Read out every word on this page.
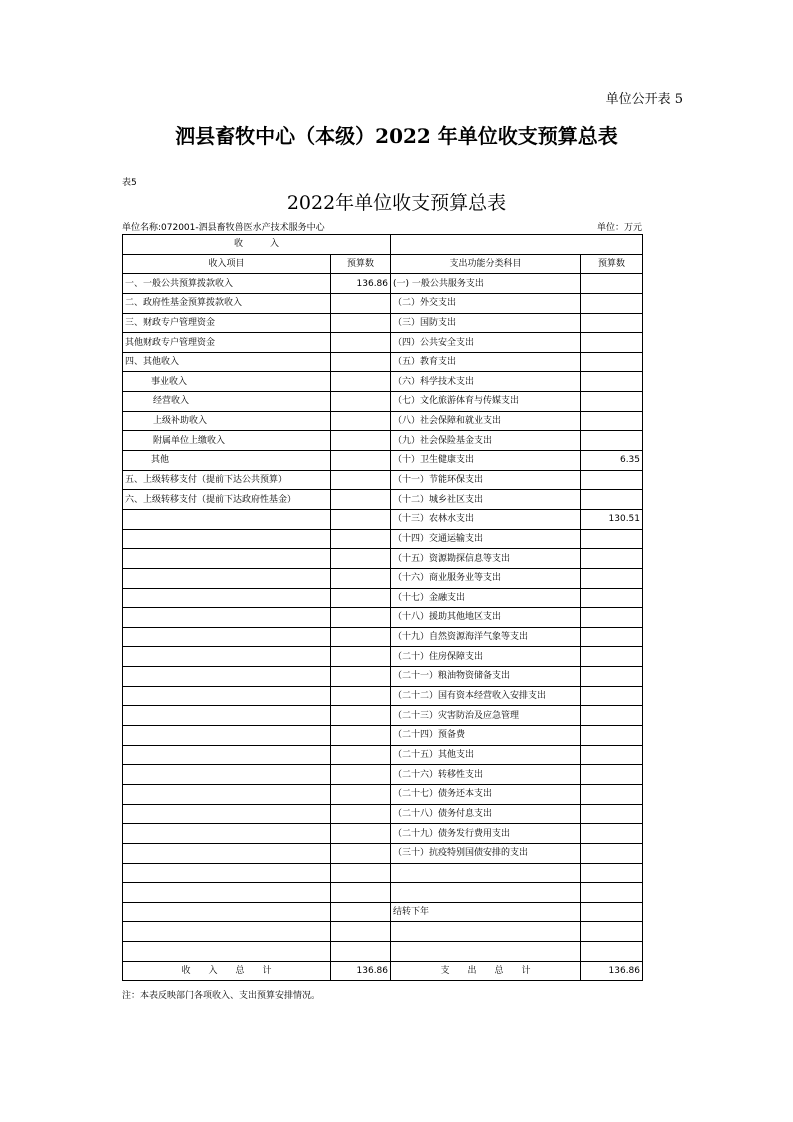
单位公开表 5
泗县畜牧中心（本级）2022 年单位收支预算总表
表5
2022年单位收支预算总表
单位名称:072001-泗县畜牧兽医水产技术服务中心	单位：万元
收　　　入			
收入项目	预算数	支出功能分类科目	预算数
一、一般公共预算拨款收入	136.86	(一) 一般公共服务支出	
二、政府性基金预算拨款收入		（二）外交支出	
三、财政专户管理资金		（三）国防支出	
其他财政专户管理资金		（四）公共安全支出	
四、其他收入		（五）教育支出	
事业收入		（六）科学技术支出	
经营收入		（七）文化旅游体育与传媒支出	
上级补助收入		（八）社会保障和就业支出	
附属单位上缴收入		（九）社会保险基金支出	
其他		（十）卫生健康支出	6.35
五、上级转移支付（提前下达公共预算）		（十一）节能环保支出	
六、上级转移支付（提前下达政府性基金）		（十二）城乡社区支出	
		（十三）农林水支出	130.51
		（十四）交通运输支出	
		（十五）资源勘探信息等支出	
		（十六）商业服务业等支出	
		（十七）金融支出	
		（十八）援助其他地区支出	
		（十九）自然资源海洋气象等支出	
		（二十）住房保障支出	
		（二十一）粮油物资储备支出	
		（二十二）国有资本经营收入安排支出	
		（二十三）灾害防治及应急管理	
		（二十四）预备费	
		（二十五）其他支出	
		（二十六）转移性支出	
		（二十七）债务还本支出	
		（二十八）债务付息支出	
		（二十九）债务发行费用支出	
		（三十）抗疫特别国债安排的支出	

		结转下年	

收　　入　　总　　计	136.86	支　　出　　总　　计	136.86
注：本表反映部门各项收入、支出预算安排情况。
